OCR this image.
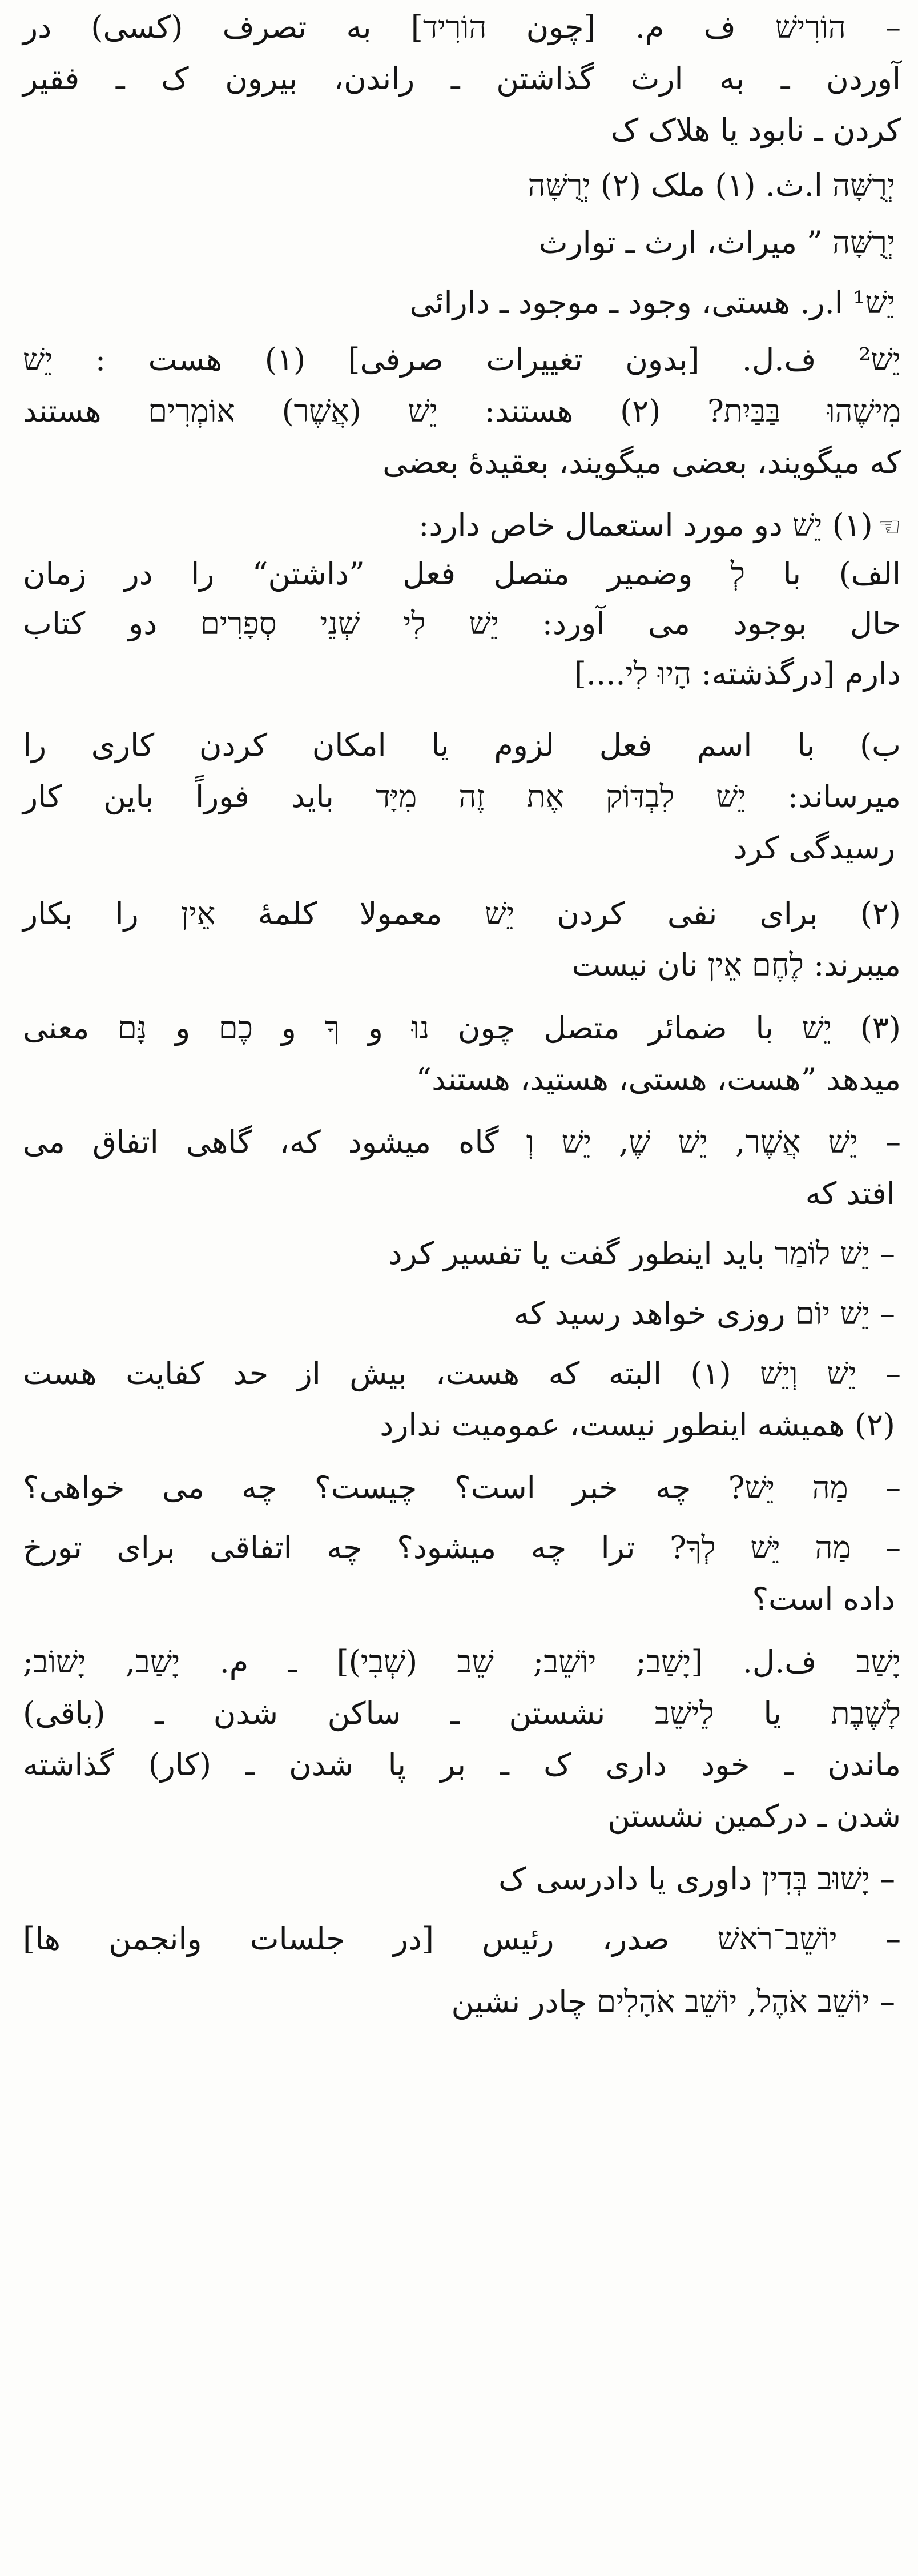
– הוֹרִישׁ ف م. [چون הוֹרִיד] به تصرف (کسی) در
آوردن ـ به ارث گذاشتن ـ راندن، بیرون ک ـ فقیر
کردن ـ نابود یا هلاک ک
יְרֻשָּׁה ا.ث. (۱) ملک (۲) יְרֻשָּׁה
יְרֻשָּׁה ” میراث، ارث ـ توارث
יֵשׁ¹ ا.ر. هستی، وجود ـ موجود ـ دارائی
יֵשׁ² ف.ل. [بدون تغییرات صرفی] (۱) هست : יֵשׁ
מִישֶׁהוּ בַּבַּיִת? (۲) هستند: יֵשׁ (אֲשֶׁר) אוֹמְרִים هستند
که میگویند، بعضی میگویند، بعقیدهٔ بعضی
☞(۱) יֵשׁ دو مورد استعمال خاص دارد:
الف) با לְ وضمیر متصل فعل ”داشتن“ را در زمان
حال بوجود می آورد: יֵשׁ לִי שְׁנֵי סְפָרִים دو کتاب
دارم [درگذشته: הָיוּ לִי....]
ب) با اسم فعل لزوم یا امکان کردن کاری را
میرساند: יֵשׁ לִבְדּוֹק אֶת זֶה מִיָּד باید فوراً باین کار
رسیدگی کرد
(۲) برای نفی کردن יֵשׁ معمولا کلمهٔ אֵין را بکار
میبرند: לֶחֶם אֵין نان نیست
(۳) יֵשׁ با ضمائر متصل چون נוּ و ךָ و כֶם و נָּם معنی
میدهد ”هست، هستی، هستید، هستند“
– יֵשׁ אֲשֶׁר, יֵשׁ שֶׁ, יֵשׁ וְ گاه میشود که، گاهی اتفاق می
افتد که
– יֵשׁ לוֹמַר باید اینطور گفت یا تفسیر کرد
– יֵשׁ יוֹם روزی خواهد رسید که
– יֵשׁ וְיֵשׁ (۱) البته که هست، بیش از حد کفایت هست
(۲) همیشه اینطور نیست، عمومیت ندارد
– מַה יֵּשׁ? چه خبر است؟ چیست؟ چه می خواهی؟
– מַה יֵּשׁ לְךָ? ترا چه میشود؟ چه اتفاقی برای تورخ
داده است؟
יָשַׁב ف.ل. [יָשַׁב; יוֹשֵׁב; שֵׁב (שְׁבִי)] ـ م. יָשַׁב, יָשׁוֹב;
לָשֶׁבֶת یا לֵישֵׁב نشستن ـ ساکن شدن ـ (باقی)
ماندن ـ خود داری ک ـ بر پا شدن ـ (کار) گذاشته
شدن ـ درکمین نشستن
– יָשׁוּב בְּדִין داوری یا دادرسی ک
– יוֹשֵׁב־רֹאשׁ صدر، رئیس [در جلسات وانجمن ها]
– יוֹשֵׁב אֹהֶל, יוֹשֵׁב אֹהָלִים چادر نشین
